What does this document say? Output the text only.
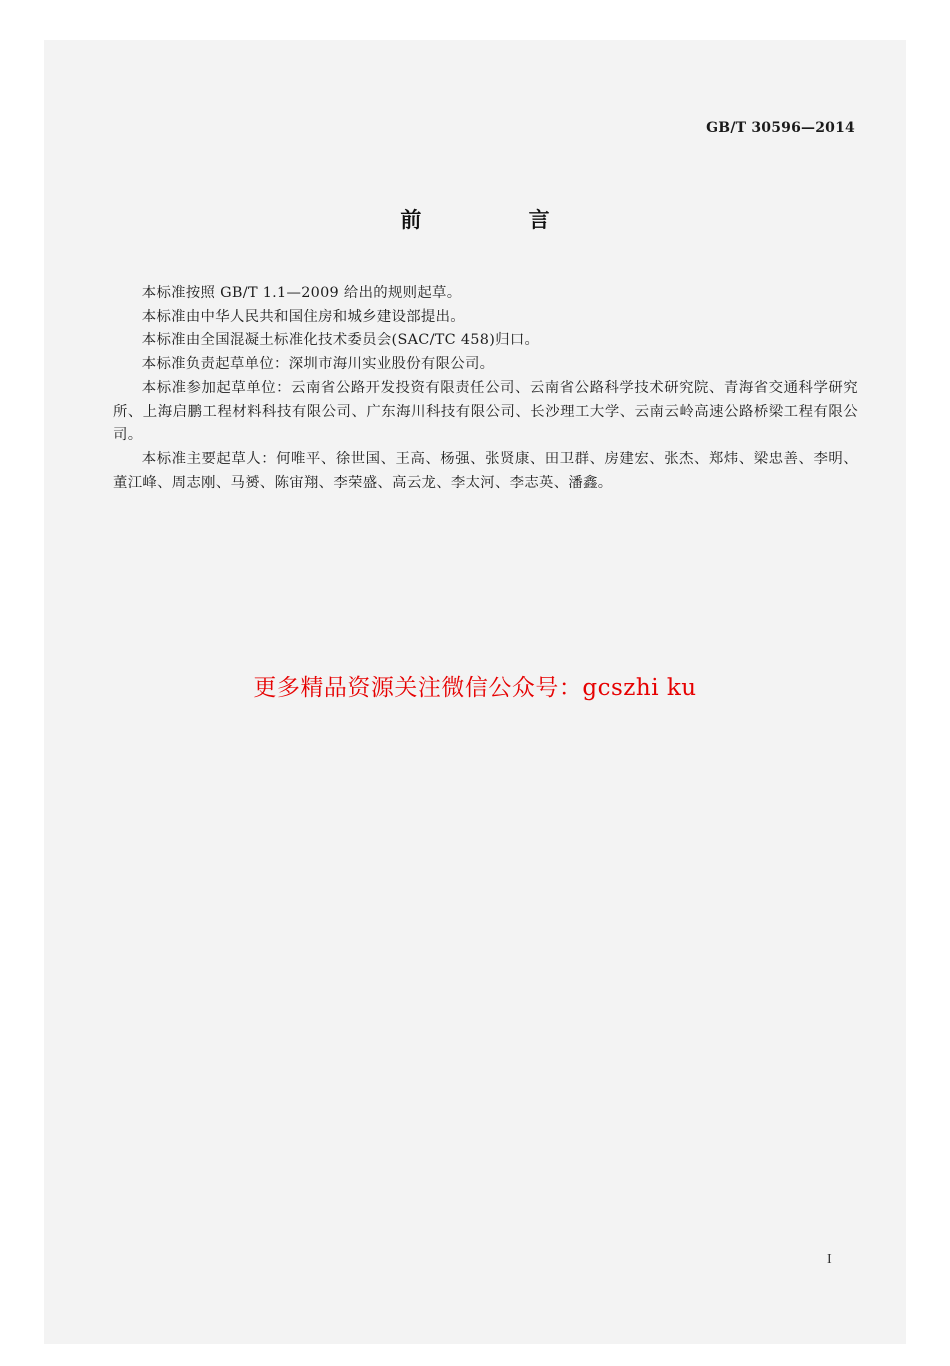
GB/T 30596—2014
前 言

本标准按照 GB/T 1.1—2009 给出的规则起草。

本标准由中华人民共和国住房和城乡建设部提出。

本标准由全国混凝土标准化技术委员会(SAC/TC 458)归口。

本标准负责起草单位：深圳市海川实业股份有限公司。

本标准参加起草单位：云南省公路开发投资有限责任公司、云南省公路科学技术研究院、青海省交通科学研究所、上海启鹏工程材料科技有限公司、广东海川科技有限公司、长沙理工大学、云南云岭高速公路桥梁工程有限公司。

本标准主要起草人：何唯平、徐世国、王高、杨强、张贤康、田卫群、房建宏、张杰、郑炜、梁忠善、李明、董江峰、周志刚、马赟、陈宙翔、李荣盛、高云龙、李太河、李志英、潘鑫。

更多精品资源关注微信公众号：gcszhi ku
I
